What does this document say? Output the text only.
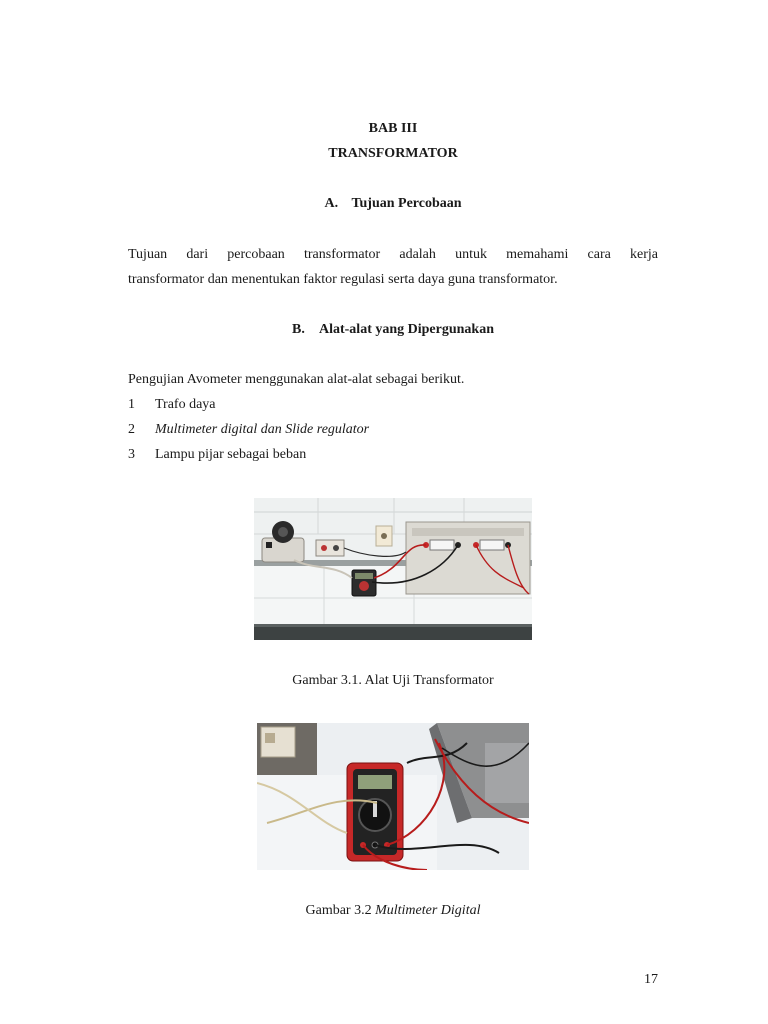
BAB III
TRANSFORMATOR
A. Tujuan Percobaan
Tujuan dari percobaan transformator adalah untuk memahami cara kerja
transformator dan menentukan faktor regulasi serta daya guna transformator.
B. Alat-alat yang Dipergunakan
Pengujian Avometer menggunakan alat-alat sebagai berikut.
1	Trafo daya
2	Multimeter digital dan Slide regulator
3	Lampu pijar sebagai beban
Gambar 3.1. Alat Uji Transformator
Gambar 3.2 Multimeter Digital
17
